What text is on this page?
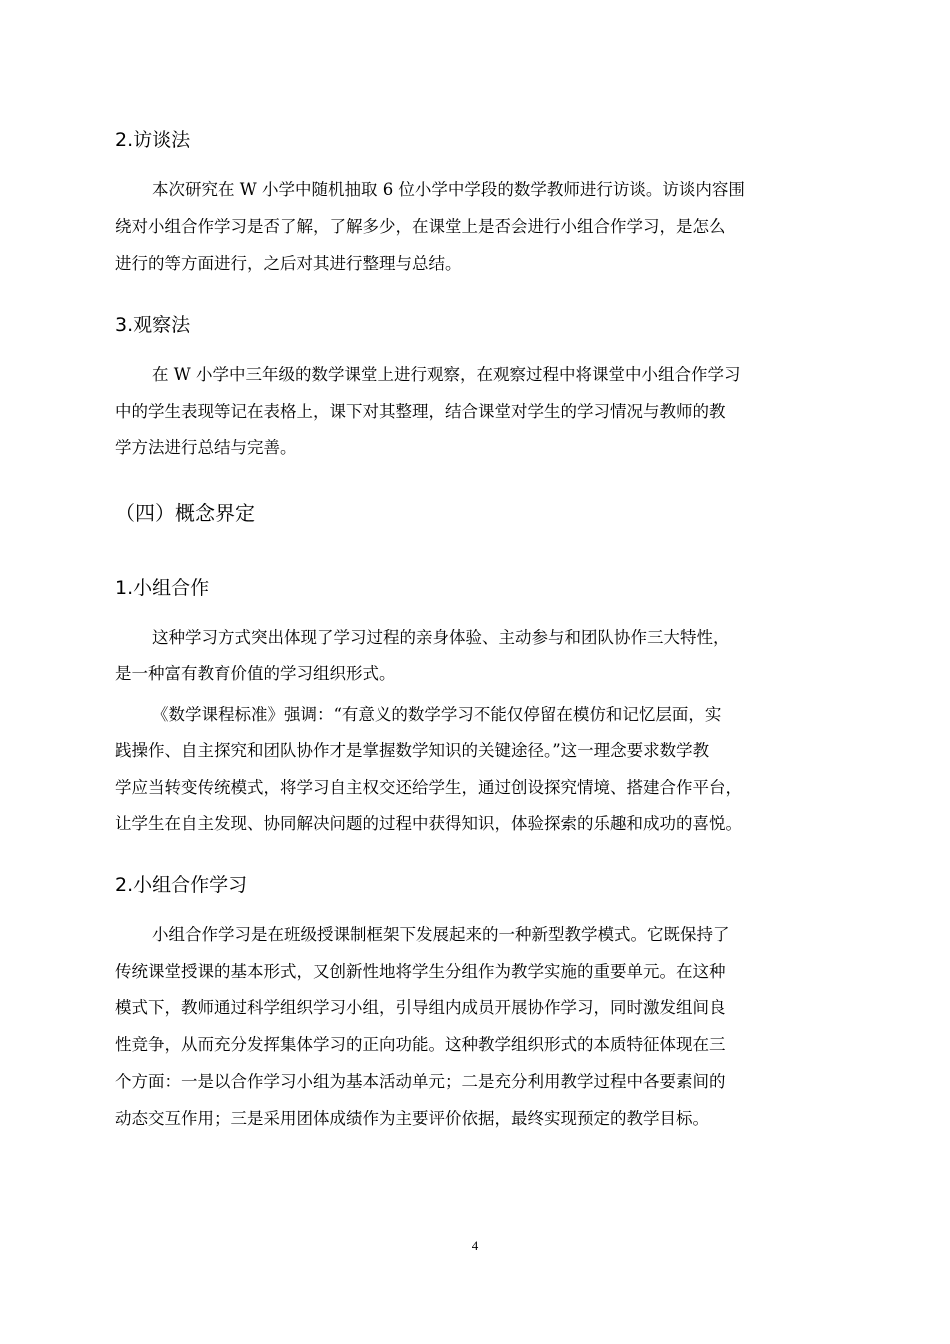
2.访谈法
本次研究在 W 小学中随机抽取 6 位小学中学段的数学教师进行访谈。访谈内容围
绕对小组合作学习是否了解，了解多少，在课堂上是否会进行小组合作学习，是怎么
进行的等方面进行，之后对其进行整理与总结。
3.观察法
在 W 小学中三年级的数学课堂上进行观察，在观察过程中将课堂中小组合作学习
中的学生表现等记在表格上，课下对其整理，结合课堂对学生的学习情况与教师的教
学方法进行总结与完善。
（四）概念界定
1.小组合作
这种学习方式突出体现了学习过程的亲身体验、主动参与和团队协作三大特性，
是一种富有教育价值的学习组织形式。
《数学课程标准》强调：“有意义的数学学习不能仅停留在模仿和记忆层面，实
践操作、自主探究和团队协作才是掌握数学知识的关键途径。”这一理念要求数学教
学应当转变传统模式，将学习自主权交还给学生，通过创设探究情境、搭建合作平台，
让学生在自主发现、协同解决问题的过程中获得知识，体验探索的乐趣和成功的喜悦。
2.小组合作学习
小组合作学习是在班级授课制框架下发展起来的一种新型教学模式。它既保持了
传统课堂授课的基本形式，又创新性地将学生分组作为教学实施的重要单元。在这种
模式下，教师通过科学组织学习小组，引导组内成员开展协作学习，同时激发组间良
性竞争，从而充分发挥集体学习的正向功能。这种教学组织形式的本质特征体现在三
个方面：一是以合作学习小组为基本活动单元；二是充分利用教学过程中各要素间的
动态交互作用；三是采用团体成绩作为主要评价依据，最终实现预定的教学目标。
4
